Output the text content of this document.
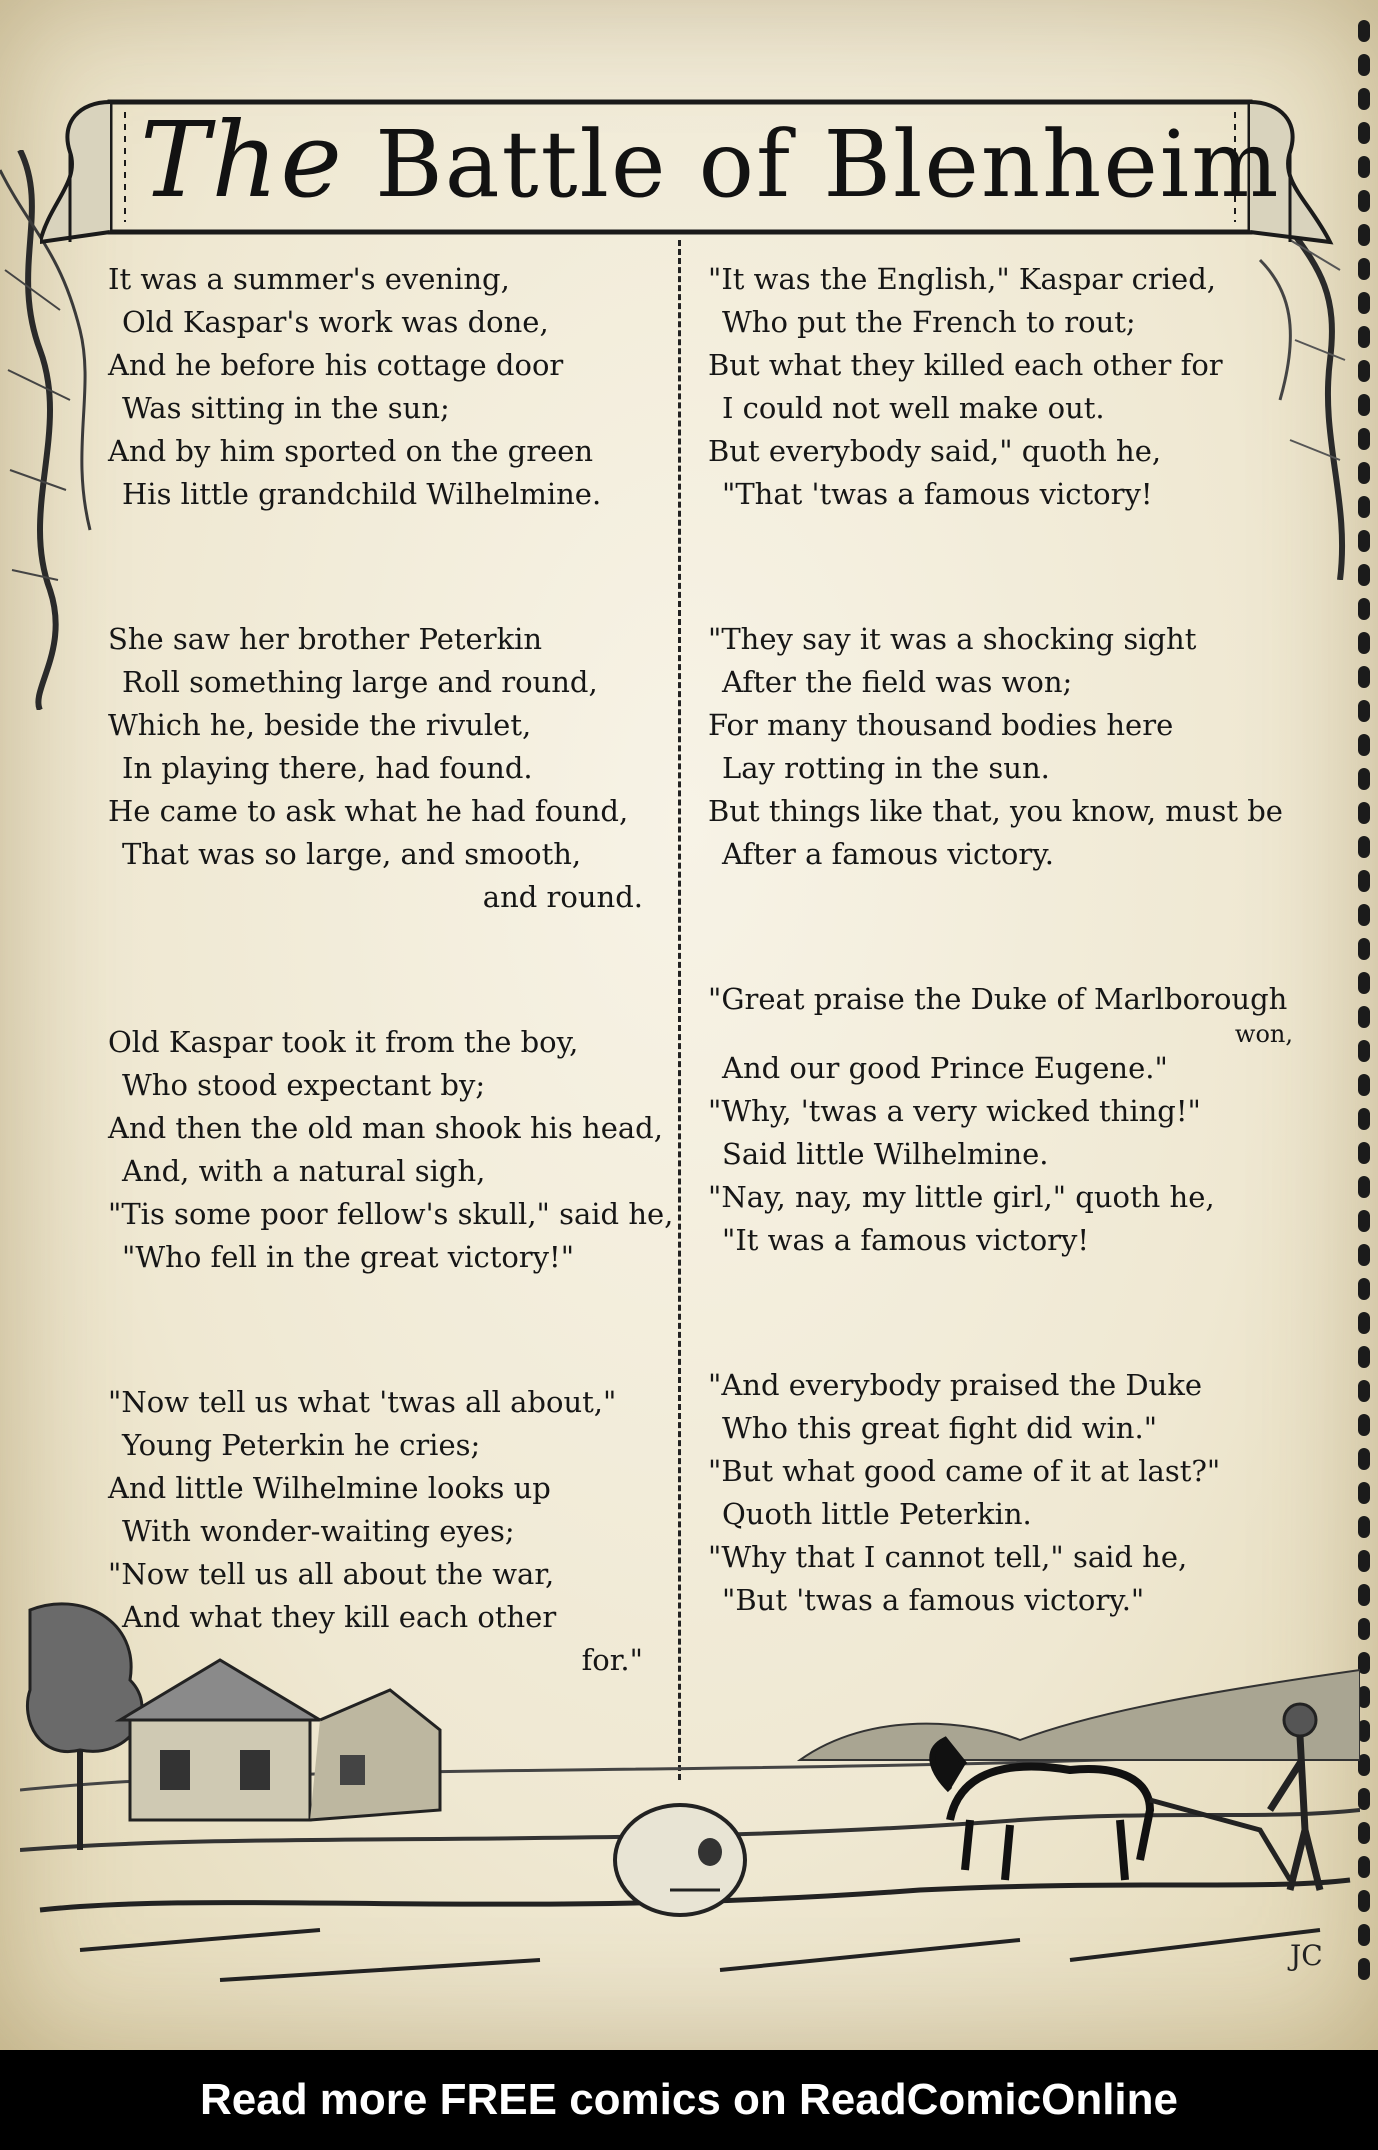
The Battle of Blenheim
It was a summer's evening,
Old Kaspar's work was done,
And he before his cottage door
Was sitting in the sun;
And by him sported on the green
His little grandchild Wilhelmine.
She saw her brother Peterkin
Roll something large and round,
Which he, beside the rivulet,
In playing there, had found.
He came to ask what he had found,
That was so large, and smooth,
and round.
Old Kaspar took it from the boy,
Who stood expectant by;
And then the old man shook his head,
And, with a natural sigh,
"Tis some poor fellow's skull," said he,
"Who fell in the great victory!"
"Now tell us what 'twas all about,"
Young Peterkin he cries;
And little Wilhelmine looks up
With wonder-waiting eyes;
"Now tell us all about the war,
And what they kill each other
for."
"It was the English," Kaspar cried,
Who put the French to rout;
But what they killed each other for
I could not well make out.
But everybody said," quoth he,
"That 'twas a famous victory!
"They say it was a shocking sight
After the field was won;
For many thousand bodies here
Lay rotting in the sun.
But things like that, you know, must be
After a famous victory.
"Great praise the Duke of Marlborough
won,
And our good Prince Eugene."
"Why, 'twas a very wicked thing!"
Said little Wilhelmine.
"Nay, nay, my little girl," quoth he,
"It was a famous victory!
"And everybody praised the Duke
Who this great fight did win."
"But what good came of it at last?"
Quoth little Peterkin.
"Why that I cannot tell," said he,
"But 'twas a famous victory."
JC
Read more FREE comics on ReadComicOnline
